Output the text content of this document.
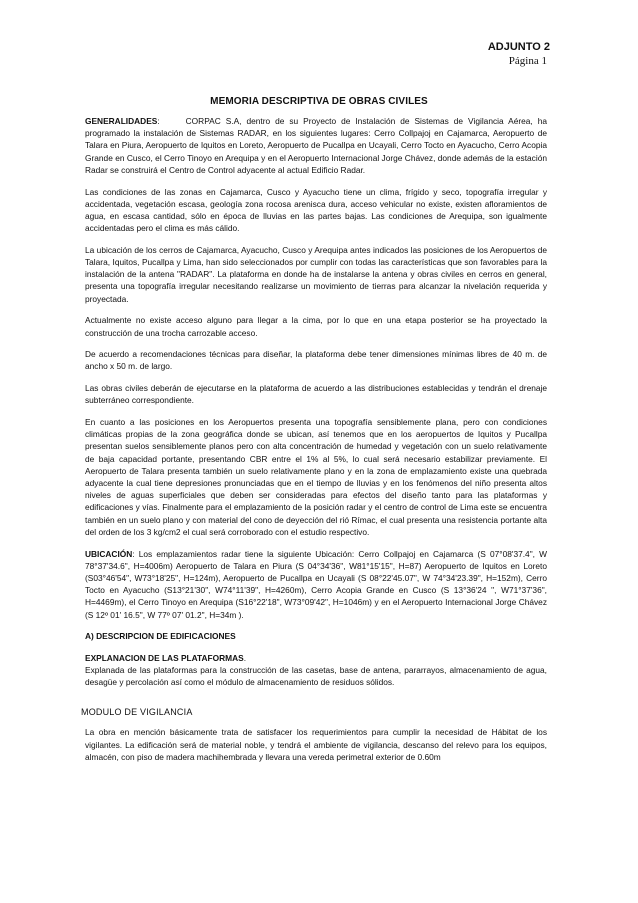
ADJUNTO 2
Página 1
MEMORIA DESCRIPTIVA DE OBRAS CIVILES

GENERALIDADES:	CORPAC S.A, dentro de su Proyecto de Instalación de Sistemas de Vigilancia Aérea, ha programado la instalación de Sistemas RADAR, en los siguientes lugares: Cerro Collpajoj en Cajamarca, Aeropuerto de Talara en Piura, Aeropuerto de Iquitos en Loreto, Aeropuerto de Pucallpa en Ucayali, Cerro Tocto en Ayacucho, Cerro Acopia Grande en Cusco, el Cerro Tinoyo en Arequipa y en el Aeropuerto Internacional Jorge Chávez, donde además de la estación Radar se construirá el Centro de Control adyacente al actual Edificio Radar.

Las condiciones de las zonas en Cajamarca, Cusco y Ayacucho tiene un clima, frígido y seco, topografía irregular y accidentada, vegetación escasa, geología zona rocosa arenisca dura, acceso vehicular no existe, existen afloramientos de agua, en escasa cantidad, sólo en época de lluvias en las partes bajas. Las condiciones de Arequipa, son igualmente accidentadas pero el clima es más cálido.

La ubicación de los cerros de Cajamarca, Ayacucho, Cusco y Arequipa antes indicados las posiciones de los Aeropuertos de Talara, Iquitos, Pucallpa y Lima, han sido seleccionados por cumplir con todas las características que son favorables para la instalación de la antena "RADAR". La plataforma en donde ha de instalarse la antena y obras civiles en cerros en general, presenta una topografía irregular necesitando realizarse un movimiento de tierras para alcanzar la nivelación requerida y proyectada.

Actualmente no existe acceso alguno para llegar a la cima, por lo que en una etapa posterior se ha proyectado la construcción de una trocha carrozable acceso.

De acuerdo a recomendaciones técnicas para diseñar, la plataforma debe tener dimensiones mínimas libres de 40 m. de ancho x 50 m. de largo.

Las obras civiles deberán de ejecutarse en la plataforma de acuerdo a las distribuciones establecidas y tendrán el drenaje subterráneo correspondiente.

En cuanto a las posiciones en los Aeropuertos presenta una topografía sensiblemente plana, pero con condiciones climáticas propias de la zona geográfica donde se ubican, así tenemos que en los aeropuertos de Iquitos y Pucallpa presentan suelos sensiblemente planos pero con alta concentración de humedad y vegetación con un suelo relativamente de baja capacidad portante, presentando CBR entre el 1% al 5%, lo cual será necesario estabilizar previamente. El Aeropuerto de Talara presenta también un suelo relativamente plano y en la zona de emplazamiento existe una quebrada adyacente la cual tiene depresiones pronunciadas que en el tiempo de lluvias y en los fenómenos del niño presenta altos niveles de aguas superficiales que deben ser consideradas para efectos del diseño tanto para las plataformas y edificaciones y vías. Finalmente para el emplazamiento de la posición radar y el centro de control de Lima este se encuentra también en un suelo plano y con material del cono de deyección del rió Rímac, el cual presenta una resistencia portante alta del orden de los 3 kg/cm2 el cual será corroborado con el estudio respectivo.

UBICACIÓN: Los emplazamientos radar tiene la siguiente Ubicación: Cerro Collpajoj en Cajamarca (S 07°08'37.4", W 78°37'34.6", H=4006m) Aeropuerto de Talara en Piura (S 04°34'36", W81°15'15", H=87) Aeropuerto de Iquitos en Loreto (S03°46'54", W73°18'25", H=124m), Aeropuerto de Pucallpa en Ucayali (S 08°22'45.07", W 74°34'23.39", H=152m), Cerro Tocto en Ayacucho (S13°21'30", W74°11'39", H=4260m), Cerro Acopia Grande en Cusco (S 13°36'24 ", W71°37'36", H=4469m), el Cerro Tinoyo en Arequipa (S16°22'18", W73°09'42", H=1046m) y en el Aeropuerto Internacional Jorge Chávez (S 12º 01' 16.5", W 77º 07' 01.2", H=34m ).

A) DESCRIPCION DE EDIFICACIONES

EXPLANACION DE LAS PLATAFORMAS.
Explanada de las plataformas para la construcción de las casetas, base de antena, pararrayos, almacenamiento de agua, desagüe y percolación así como el módulo de almacenamiento de residuos sólidos.

MODULO DE VIGILANCIA

La obra en mención básicamente trata de satisfacer los requerimientos para cumplir la necesidad de Hábitat de los vigilantes. La edificación será de material noble, y tendrá el ambiente de vigilancia, descanso del relevo para los equipos, almacén, con piso de madera machihembrada y llevara una vereda perimetral exterior de 0.60m
